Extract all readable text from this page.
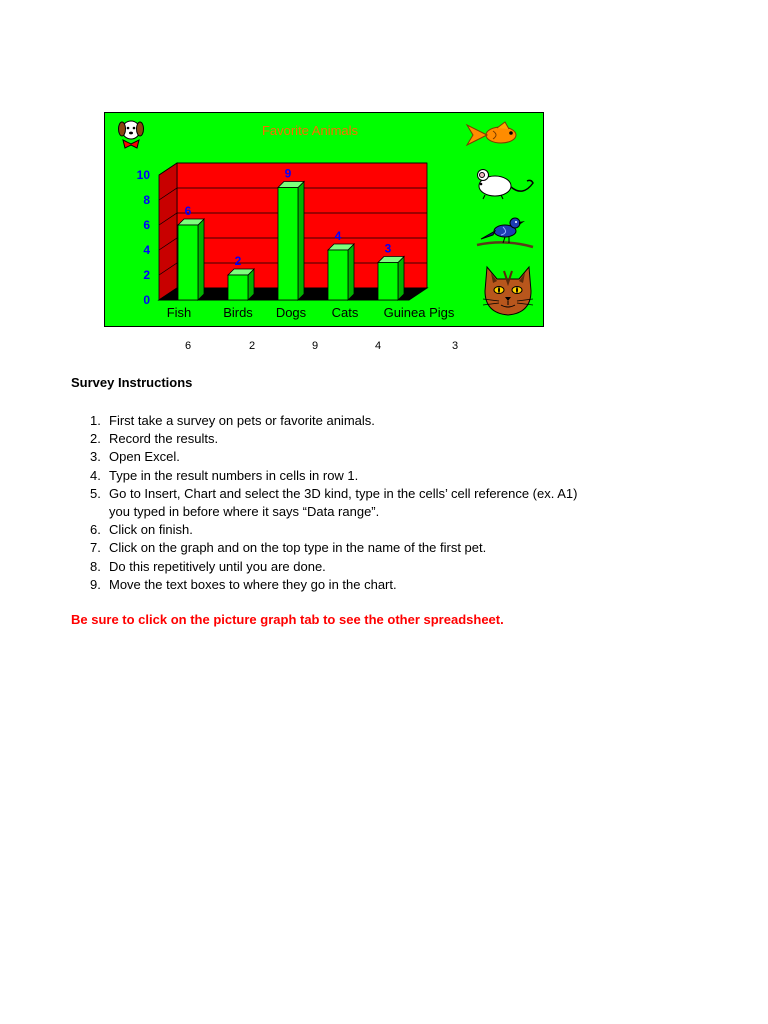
0
2
4
6
8
10
6
2
9
4
3
Fish Birds Dogs Cats Guinea Pigs
Favorite Animals
6	2	9	4	3
Survey Instructions
1. First take a survey on pets or favorite animals.
2. Record the results.
3. Open Excel.
4. Type in the result numbers in cells in row 1.
5. Go to Insert, Chart and select the 3D kind, type in the cells’ cell reference (ex. A1)
you typed in before where it says “Data range”.
6. Click on finish.
7. Click on the graph and on the top type in the name of the first pet.
8. Do this repetitively until you are done.
9. Move the text boxes to where they go in the chart.
Be sure to click on the picture graph tab to see the other spreadsheet.
